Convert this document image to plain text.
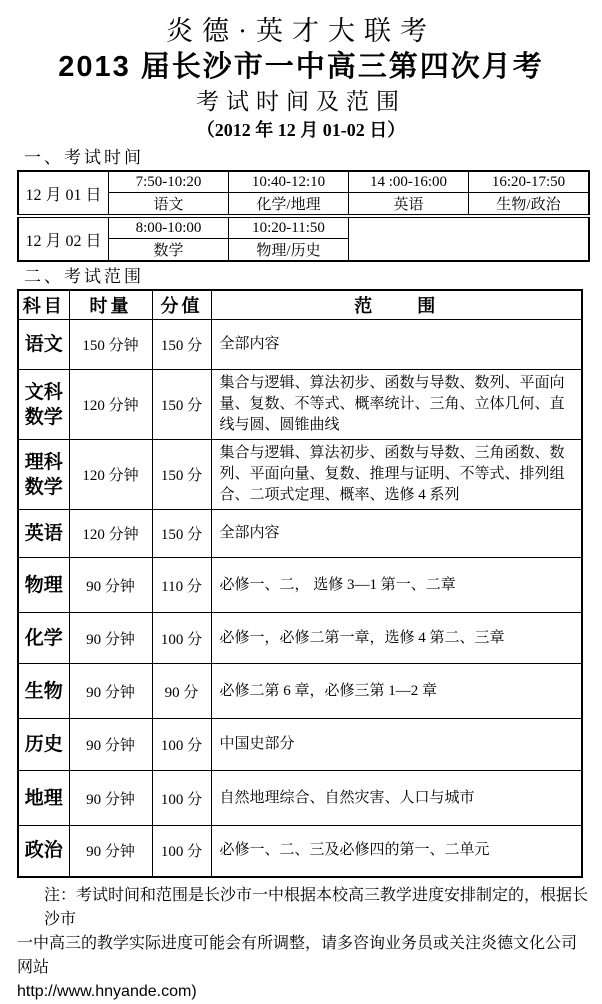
炎德·英才大联考
2013 届长沙市一中高三第四次月考
考试时间及范围
（2012 年 12 月 01-02 日）
一、考试时间
12 月 01 日	7:50-10:20	10:40-12:10	14 :00-16:00	16:20-17:50
	语文	化学/地理	英语	生物/政治
12 月 02 日	8:00-10:00	10:20-11:50		
	数学	物理/历史		
二、考试范围
科目	时量	分值	范　　围
语文	150 分钟	150 分	全部内容
文科数学	120 分钟	150 分	集合与逻辑、算法初步、函数与导数、数列、平面向量、复数、不等式、概率统计、三角、立体几何、直线与圆、圆锥曲线
理科数学	120 分钟	150 分	集合与逻辑、算法初步、函数与导数、三角函数、数列、平面向量、复数、推理与证明、不等式、排列组合、二项式定理、概率、选修 4 系列
英语	120 分钟	150 分	全部内容
物理	90 分钟	110 分	必修一、二， 选修 3—1 第一、二章
化学	90 分钟	100 分	必修一，必修二第一章，选修 4 第二、三章
生物	90 分钟	90 分	必修二第 6 章，必修三第 1—2 章
历史	90 分钟	100 分	中国史部分
地理	90 分钟	100 分	自然地理综合、自然灾害、人口与城市
政治	90 分钟	100 分	必修一、二、三及必修四的第一、二单元
注：考试时间和范围是长沙市一中根据本校高三教学进度安排制定的，根据长沙市
一中高三的教学实际进度可能会有所调整，请多咨询业务员或关注炎德文化公司网站
http://www.hnyande.com)
